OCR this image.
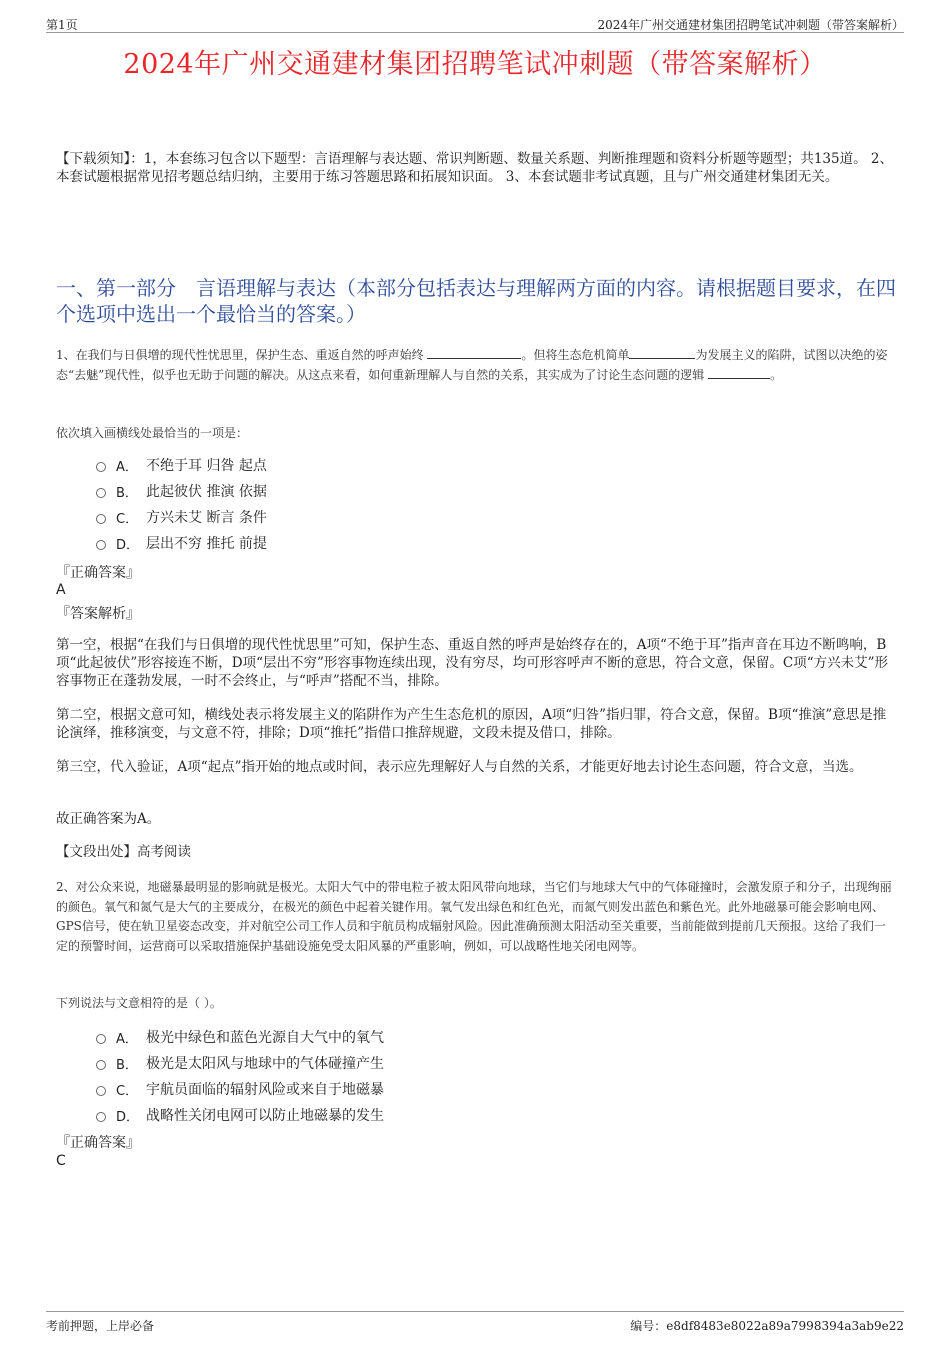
第1页	2024年广州交通建材集团招聘笔试冲刺题（带答案解析）
2024年广州交通建材集团招聘笔试冲刺题（带答案解析）
【下载须知】：1，本套练习包含以下题型：言语理解与表达题、常识判断题、数量关系题、判断推理题和资料分析题等题型；共135道。 2、本套试题根据常见招考题总结归纳，主要用于练习答题思路和拓展知识面。 3、本套试题非考试真题，且与广州交通建材集团无关。
一、第一部分　言语理解与表达（本部分包括表达与理解两方面的内容。请根据题目要求，在四个选项中选出一个最恰当的答案。）
1、在我们与日俱增的现代性忧思里，保护生态、重返自然的呼声始终	。但将生态危机简单	为发展主义的陷阱，试图以决绝的姿态“去魅”现代性，似乎也无助于问题的解决。从这点来看，如何重新理解人与自然的关系，其实成为了讨论生态问题的逻辑	。
依次填入画横线处最恰当的一项是：
A． 不绝于耳 归咎 起点
B． 此起彼伏 推演 依据
C． 方兴未艾 断言 条件
D． 层出不穷 推托 前提
『正确答案』
A
『答案解析』
第一空，根据“在我们与日俱增的现代性忧思里”可知，保护生态、重返自然的呼声是始终存在的，A项“不绝于耳”指声音在耳边不断鸣响，B项“此起彼伏”形容接连不断，D项“层出不穷”形容事物连续出现，没有穷尽，均可形容呼声不断的意思，符合文意，保留。C项“方兴未艾”形容事物正在蓬勃发展，一时不会终止，与“呼声”搭配不当，排除。
第二空，根据文意可知，横线处表示将发展主义的陷阱作为产生生态危机的原因，A项“归咎”指归罪，符合文意，保留。B项“推演”意思是推论演绎，推移演变，与文意不符，排除；D项“推托”指借口推辞规避，文段未提及借口，排除。
第三空，代入验证，A项“起点”指开始的地点或时间，表示应先理解好人与自然的关系，才能更好地去讨论生态问题，符合文意，当选。
故正确答案为A。
【文段出处】高考阅读
2、对公众来说，地磁暴最明显的影响就是极光。太阳大气中的带电粒子被太阳风带向地球，当它们与地球大气中的气体碰撞时，会激发原子和分子，出现绚丽的颜色。氧气和氮气是大气的主要成分，在极光的颜色中起着关键作用。氧气发出绿色和红色光，而氮气则发出蓝色和紫色光。此外地磁暴可能会影响电网、GPS信号，使在轨卫星姿态改变，并对航空公司工作人员和宇航员构成辐射风险。因此准确预测太阳活动至关重要，当前能做到提前几天预报。这给了我们一定的预警时间，运营商可以采取措施保护基础设施免受太阳风暴的严重影响，例如，可以战略性地关闭电网等。
下列说法与文意相符的是（ ）。
A． 极光中绿色和蓝色光源自大气中的氧气
B． 极光是太阳风与地球中的气体碰撞产生
C． 宇航员面临的辐射风险或来自于地磁暴
D． 战略性关闭电网可以防止地磁暴的发生
『正确答案』
C
考前押题，上岸必备	编号：e8df8483e8022a89a7998394a3ab9e22
